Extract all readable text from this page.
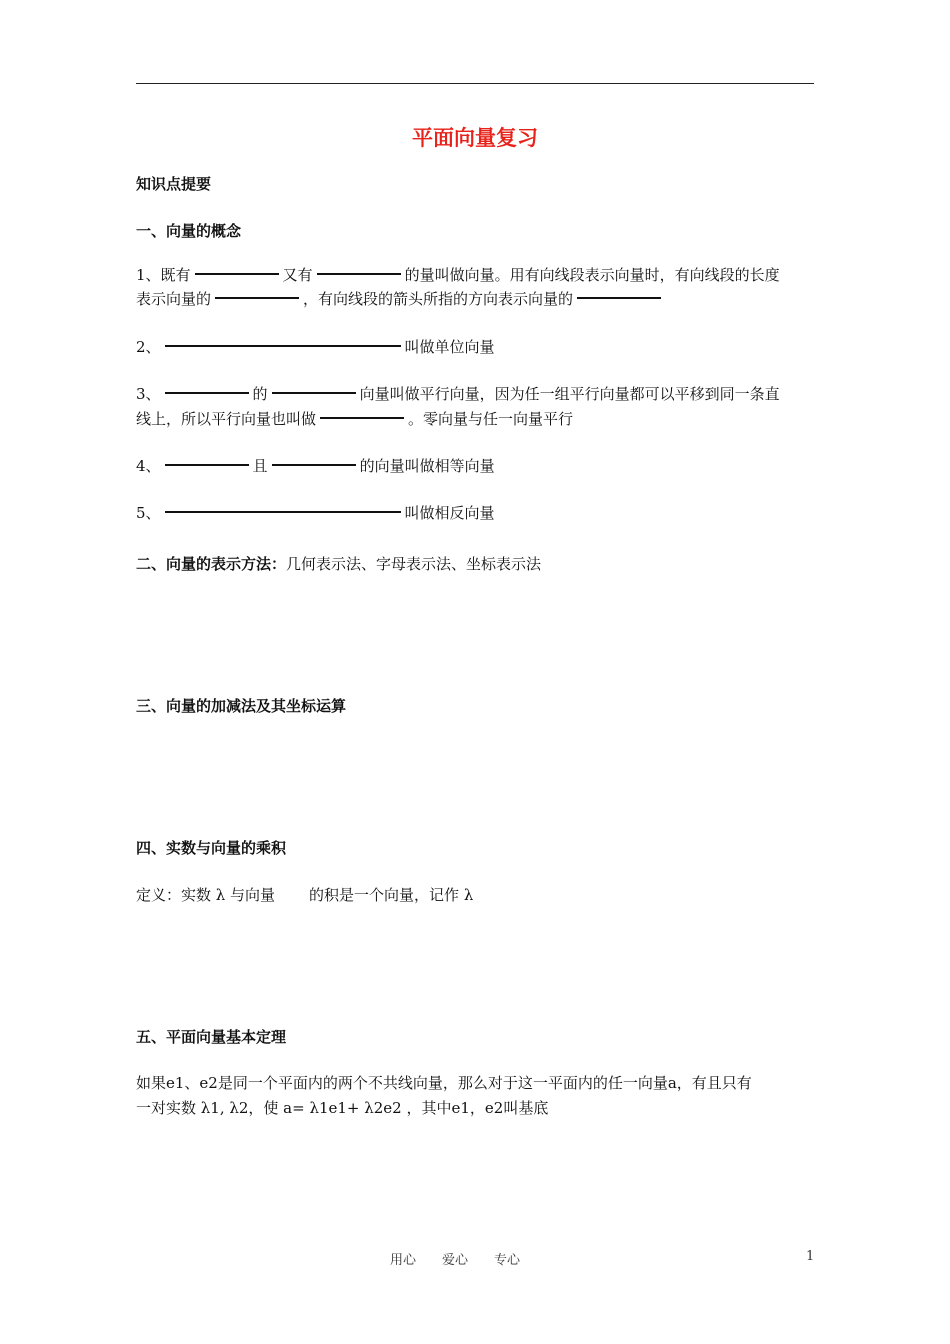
平面向量复习
知识点提要
一、向量的概念
1、既有	又有	的量叫做向量。用有向线段表示向量时，有向线段的长度
表示向量的	，有向线段的箭头所指的方向表示向量的
2、	叫做单位向量
3、	的	向量叫做平行向量，因为任一组平行向量都可以平移到同一条直
线上，所以平行向量也叫做	。零向量与任一向量平行
4、	且	的向量叫做相等向量
5、	叫做相反向量
二、向量的表示方法：几何表示法、字母表示法、坐标表示法
三、向量的加减法及其坐标运算
四、实数与向量的乘积
定义：实数 λ 与向量 的积是一个向量，记作 λ
五、平面向量基本定理
如果e1、e2是同一个平面内的两个不共线向量，那么对于这一平面内的任一向量a，有且只有
一对实数 λ1, λ2，使 a= λ1e1+ λ2e2 ，其中e1，e2叫基底
用心　　爱心　　专心	1
